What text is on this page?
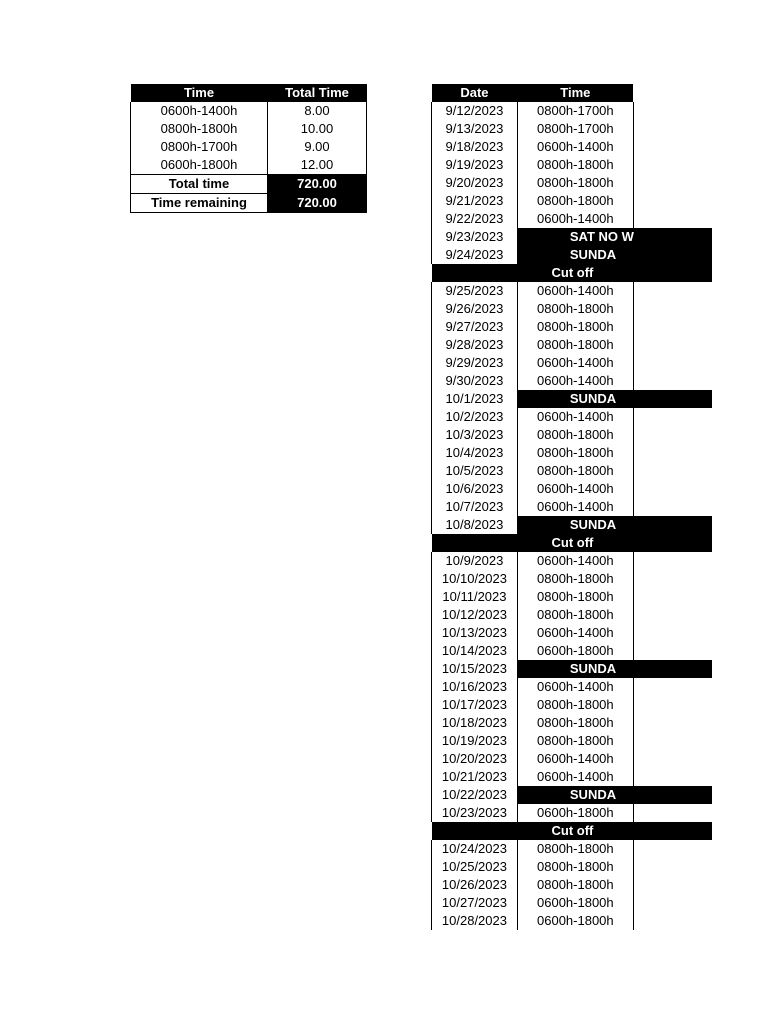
Time	Total Time
0600h-1400h	8.00
0800h-1800h	10.00
0800h-1700h	9.00
0600h-1800h	12.00
Total time	720.00
Time remaining	720.00
Date	Time	
9/12/2023	0800h-1700h	
9/13/2023	0800h-1700h	
9/18/2023	0600h-1400h	
9/19/2023	0800h-1800h	
9/20/2023	0800h-1800h	
9/21/2023	0800h-1800h	
9/22/2023	0600h-1400h	
9/23/2023	SAT NO W	
9/24/2023	SUNDA	
Cut off		
9/25/2023	0600h-1400h	
9/26/2023	0800h-1800h	
9/27/2023	0800h-1800h	
9/28/2023	0800h-1800h	
9/29/2023	0600h-1400h	
9/30/2023	0600h-1400h	
10/1/2023	SUNDA	
10/2/2023	0600h-1400h	
10/3/2023	0800h-1800h	
10/4/2023	0800h-1800h	
10/5/2023	0800h-1800h	
10/6/2023	0600h-1400h	
10/7/2023	0600h-1400h	
10/8/2023	SUNDA	
Cut off		
10/9/2023	0600h-1400h	
10/10/2023	0800h-1800h	
10/11/2023	0800h-1800h	
10/12/2023	0800h-1800h	
10/13/2023	0600h-1400h	
10/14/2023	0600h-1800h	
10/15/2023	SUNDA	
10/16/2023	0600h-1400h	
10/17/2023	0800h-1800h	
10/18/2023	0800h-1800h	
10/19/2023	0800h-1800h	
10/20/2023	0600h-1400h	
10/21/2023	0600h-1400h	
10/22/2023	SUNDA	
10/23/2023	0600h-1800h	
Cut off		
10/24/2023	0800h-1800h	
10/25/2023	0800h-1800h	
10/26/2023	0800h-1800h	
10/27/2023	0600h-1800h	
10/28/2023	0600h-1800h	
